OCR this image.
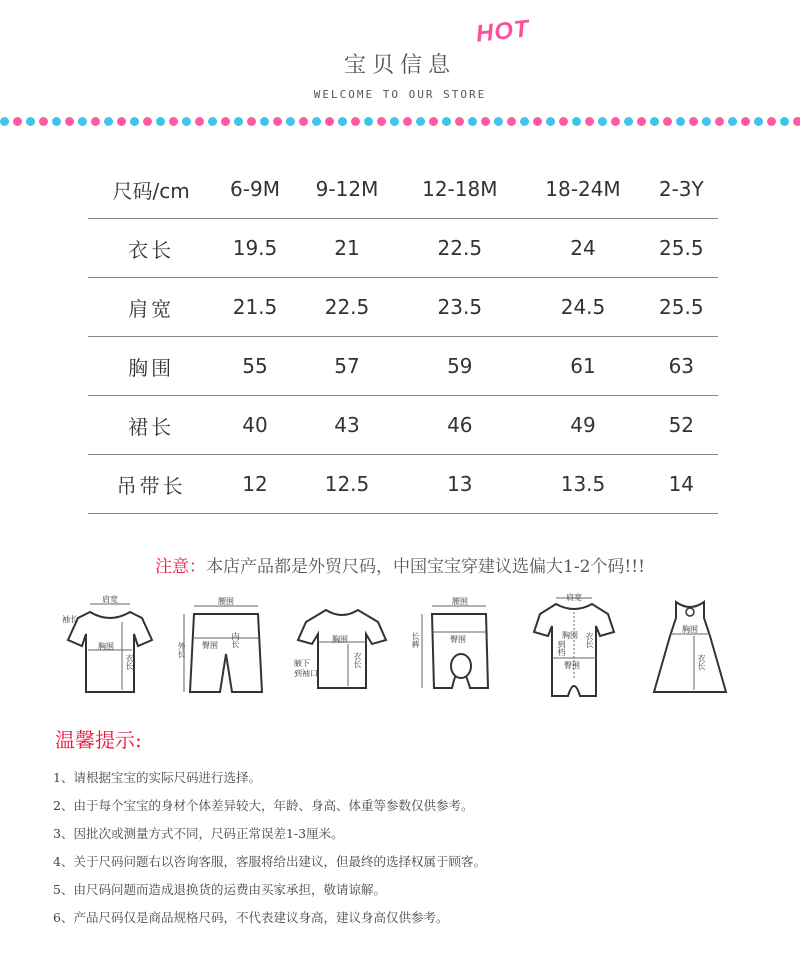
宝贝信息
HOT
WELCOME TO OUR STORE
尺码/cm	6-9M	9-12M	12-18M	18-24M	2-3Y
衣长	19.5	21	22.5	24	25.5
肩宽	21.5	22.5	23.5	24.5	25.5
胸围	55	57	59	61	63
裙长	40	43	46	49	52
吊带长	12	12.5	13	13.5	14
注意：本店产品都是外贸尺码，中国宝宝穿建议选偏大1-2个码!!!
肩宽
袖长
胸围
衣长
腰围
臀围 内长
外长
胸围
腋下
到袖口
衣长
腰围
臀围
长裤
肩宽
胸围
到档
臀围
衣长
胸围
衣长
温馨提示:
1、请根据宝宝的实际尺码进行选择。
2、由于每个宝宝的身材个体差异较大，年龄、身高、体重等参数仅供参考。
3、因批次或测量方式不同，尺码正常误差1-3厘米。
4、关于尺码问题右以咨询客服，客服将给出建议，但最终的选择权属于顾客。
5、由尺码问题而造成退换货的运费由买家承担，敬请谅解。
6、产品尺码仅是商品规格尺码，不代表建议身高，建议身高仅供参考。
